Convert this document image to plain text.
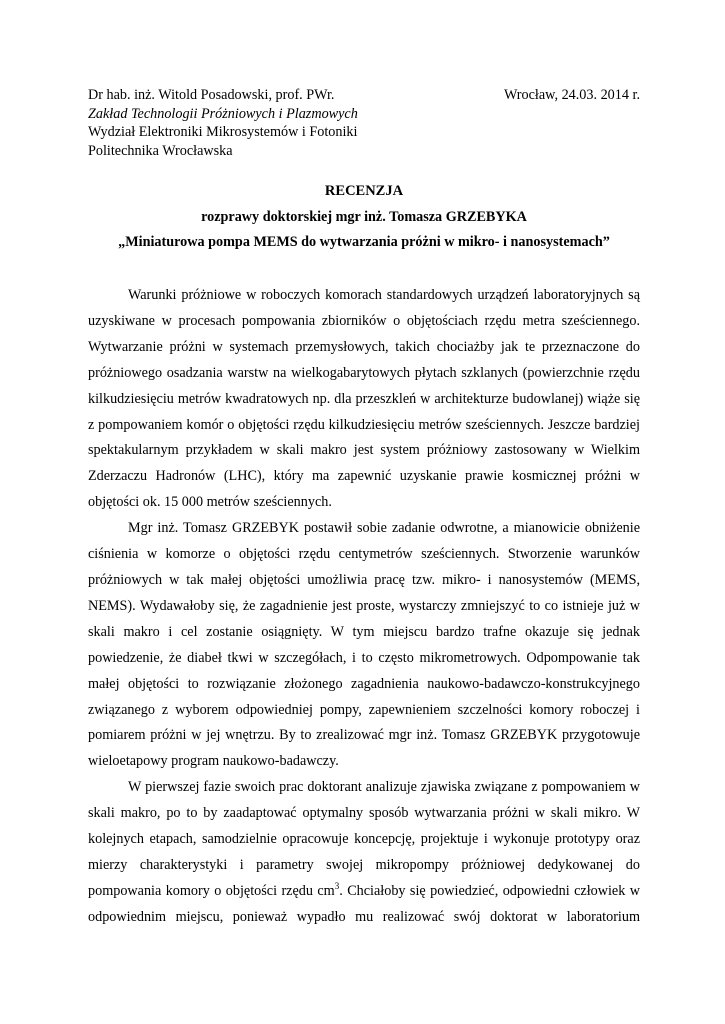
Dr hab. inż. Witold Posadowski, prof. PWr.
Zakład Technologii Próżniowych i Plazmowych
Wydział Elektroniki Mikrosystemów i Fotoniki
Politechnika Wrocławska
Wrocław, 24.03. 2014 r.
RECENZJA
rozprawy doktorskiej mgr inż. Tomasza GRZEBYKA
„Miniaturowa pompa MEMS do wytwarzania próżni w mikro- i nanosystemach”

Warunki próżniowe w roboczych komorach standardowych urządzeń laboratoryjnych są uzyskiwane w procesach pompowania zbiorników o objętościach rzędu metra sześciennego. Wytwarzanie próżni w systemach przemysłowych, takich chociażby jak te przeznaczone do próżniowego osadzania warstw na wielkogabarytowych płytach szklanych (powierzchnie rzędu kilkudziesięciu metrów kwadratowych np. dla przeszkleń w architekturze budowlanej) wiąże się z pompowaniem komór o objętości rzędu kilkudziesięciu metrów sześciennych. Jeszcze bardziej spektakularnym przykładem w skali makro jest system próżniowy zastosowany w Wielkim Zderzaczu Hadronów (LHC), który ma zapewnić uzyskanie prawie kosmicznej próżni w objętości ok. 15 000 metrów sześciennych.

Mgr inż. Tomasz GRZEBYK postawił sobie zadanie odwrotne, a mianowicie obniżenie ciśnienia w komorze o objętości rzędu centymetrów sześciennych. Stworzenie warunków próżniowych w tak małej objętości umożliwia pracę tzw. mikro- i nanosystemów (MEMS, NEMS). Wydawałoby się, że zagadnienie jest proste, wystarczy zmniejszyć to co istnieje już w skali makro i cel zostanie osiągnięty. W tym miejscu bardzo trafne okazuje się jednak powiedzenie, że diabeł tkwi w szczegółach, i to często mikrometrowych. Odpompowanie tak małej objętości to rozwiązanie złożonego zagadnienia naukowo-badawczo-konstrukcyjnego związanego z wyborem odpowiedniej pompy, zapewnieniem szczelności komory roboczej i pomiarem próżni w jej wnętrzu. By to zrealizować mgr inż. Tomasz GRZEBYK przygotowuje wieloetapowy program naukowo-badawczy.

W pierwszej fazie swoich prac doktorant analizuje zjawiska związane z pompowaniem w skali makro, po to by zaadaptować optymalny sposób wytwarzania próżni w skali mikro. W kolejnych etapach, samodzielnie opracowuje koncepcję, projektuje i wykonuje prototypy oraz mierzy charakterystyki i parametry swojej mikropompy próżniowej dedykowanej do pompowania komory o objętości rzędu $cm^3$. Chciałoby się powiedzieć, odpowiedni człowiek w odpowiednim miejscu, ponieważ wypadło mu realizować swój doktorat w laboratorium
